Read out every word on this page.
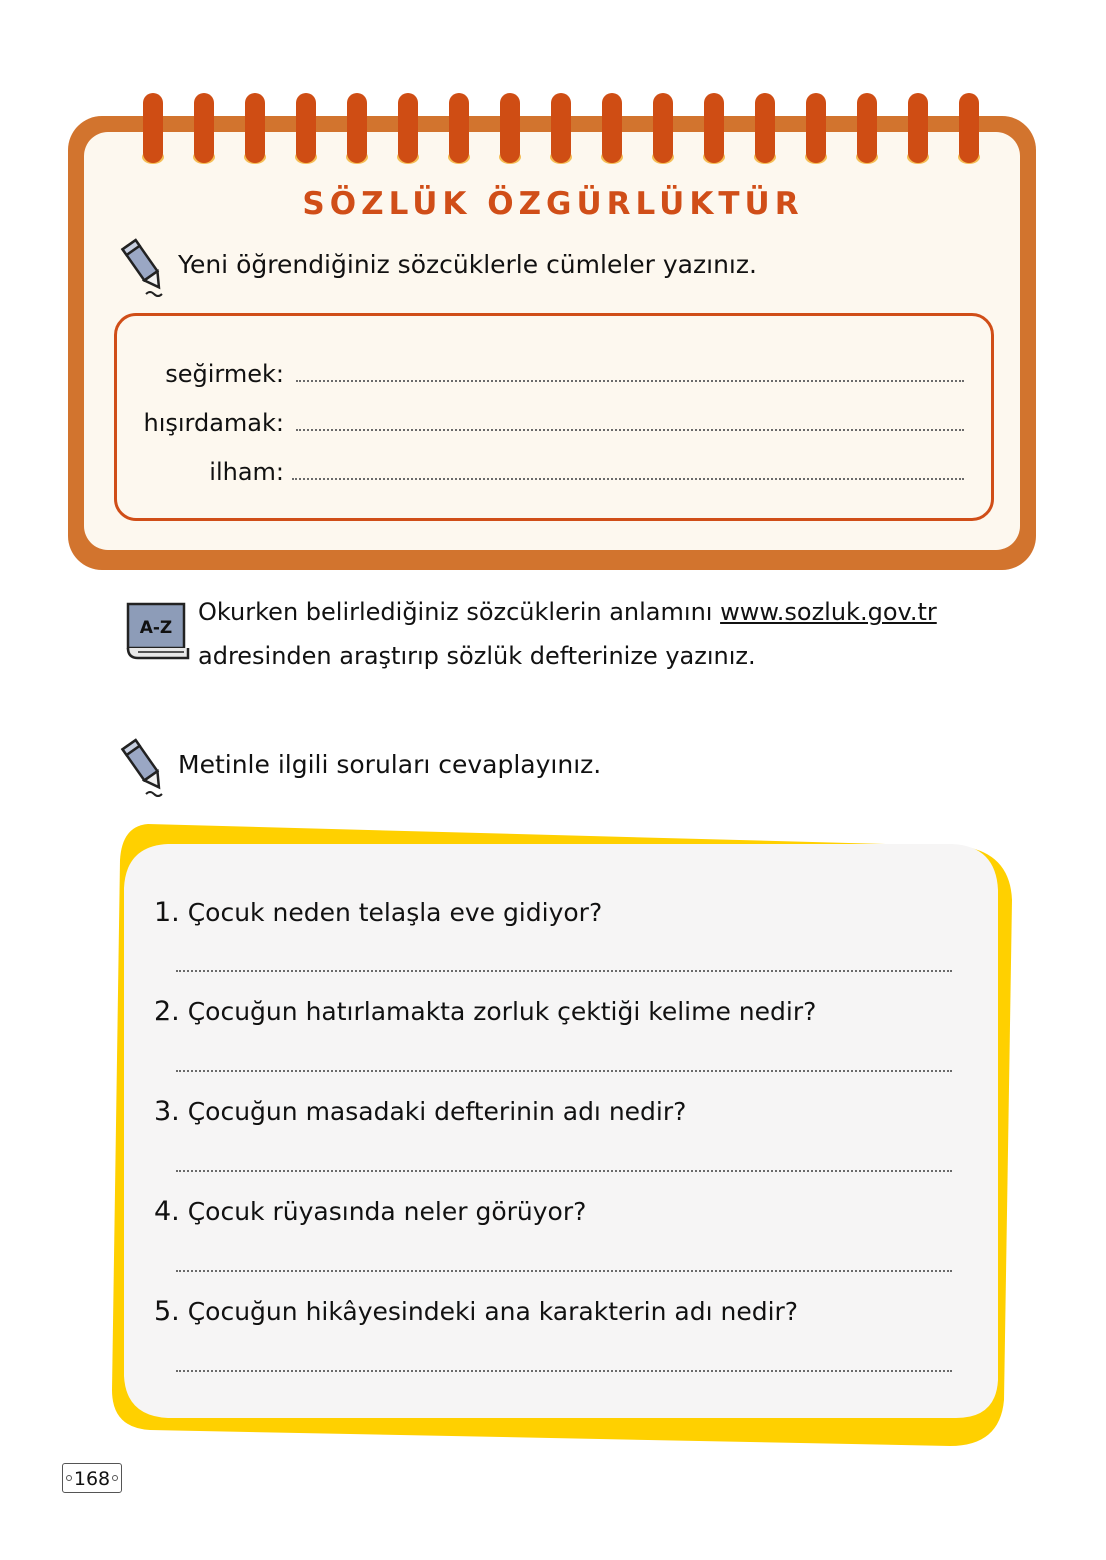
SÖZLÜK ÖZGÜRLÜKTÜR
Yeni öğrendiğiniz sözcüklerle cümleler yazınız.
seğirmek:
hışırdamak:
ilham:
A-Z
Okurken belirlediğiniz sözcüklerin anlamını www.sozluk.gov.tr
adresinden araştırıp sözlük defterinize yazınız.
Metinle ilgili soruları cevaplayınız.
1. Çocuk neden telaşla eve gidiyor?
2. Çocuğun hatırlamakta zorluk çektiği kelime nedir?
3. Çocuğun masadaki defterinin adı nedir?
4. Çocuk rüyasında neler görüyor?
5. Çocuğun hikâyesindeki ana karakterin adı nedir?
168
